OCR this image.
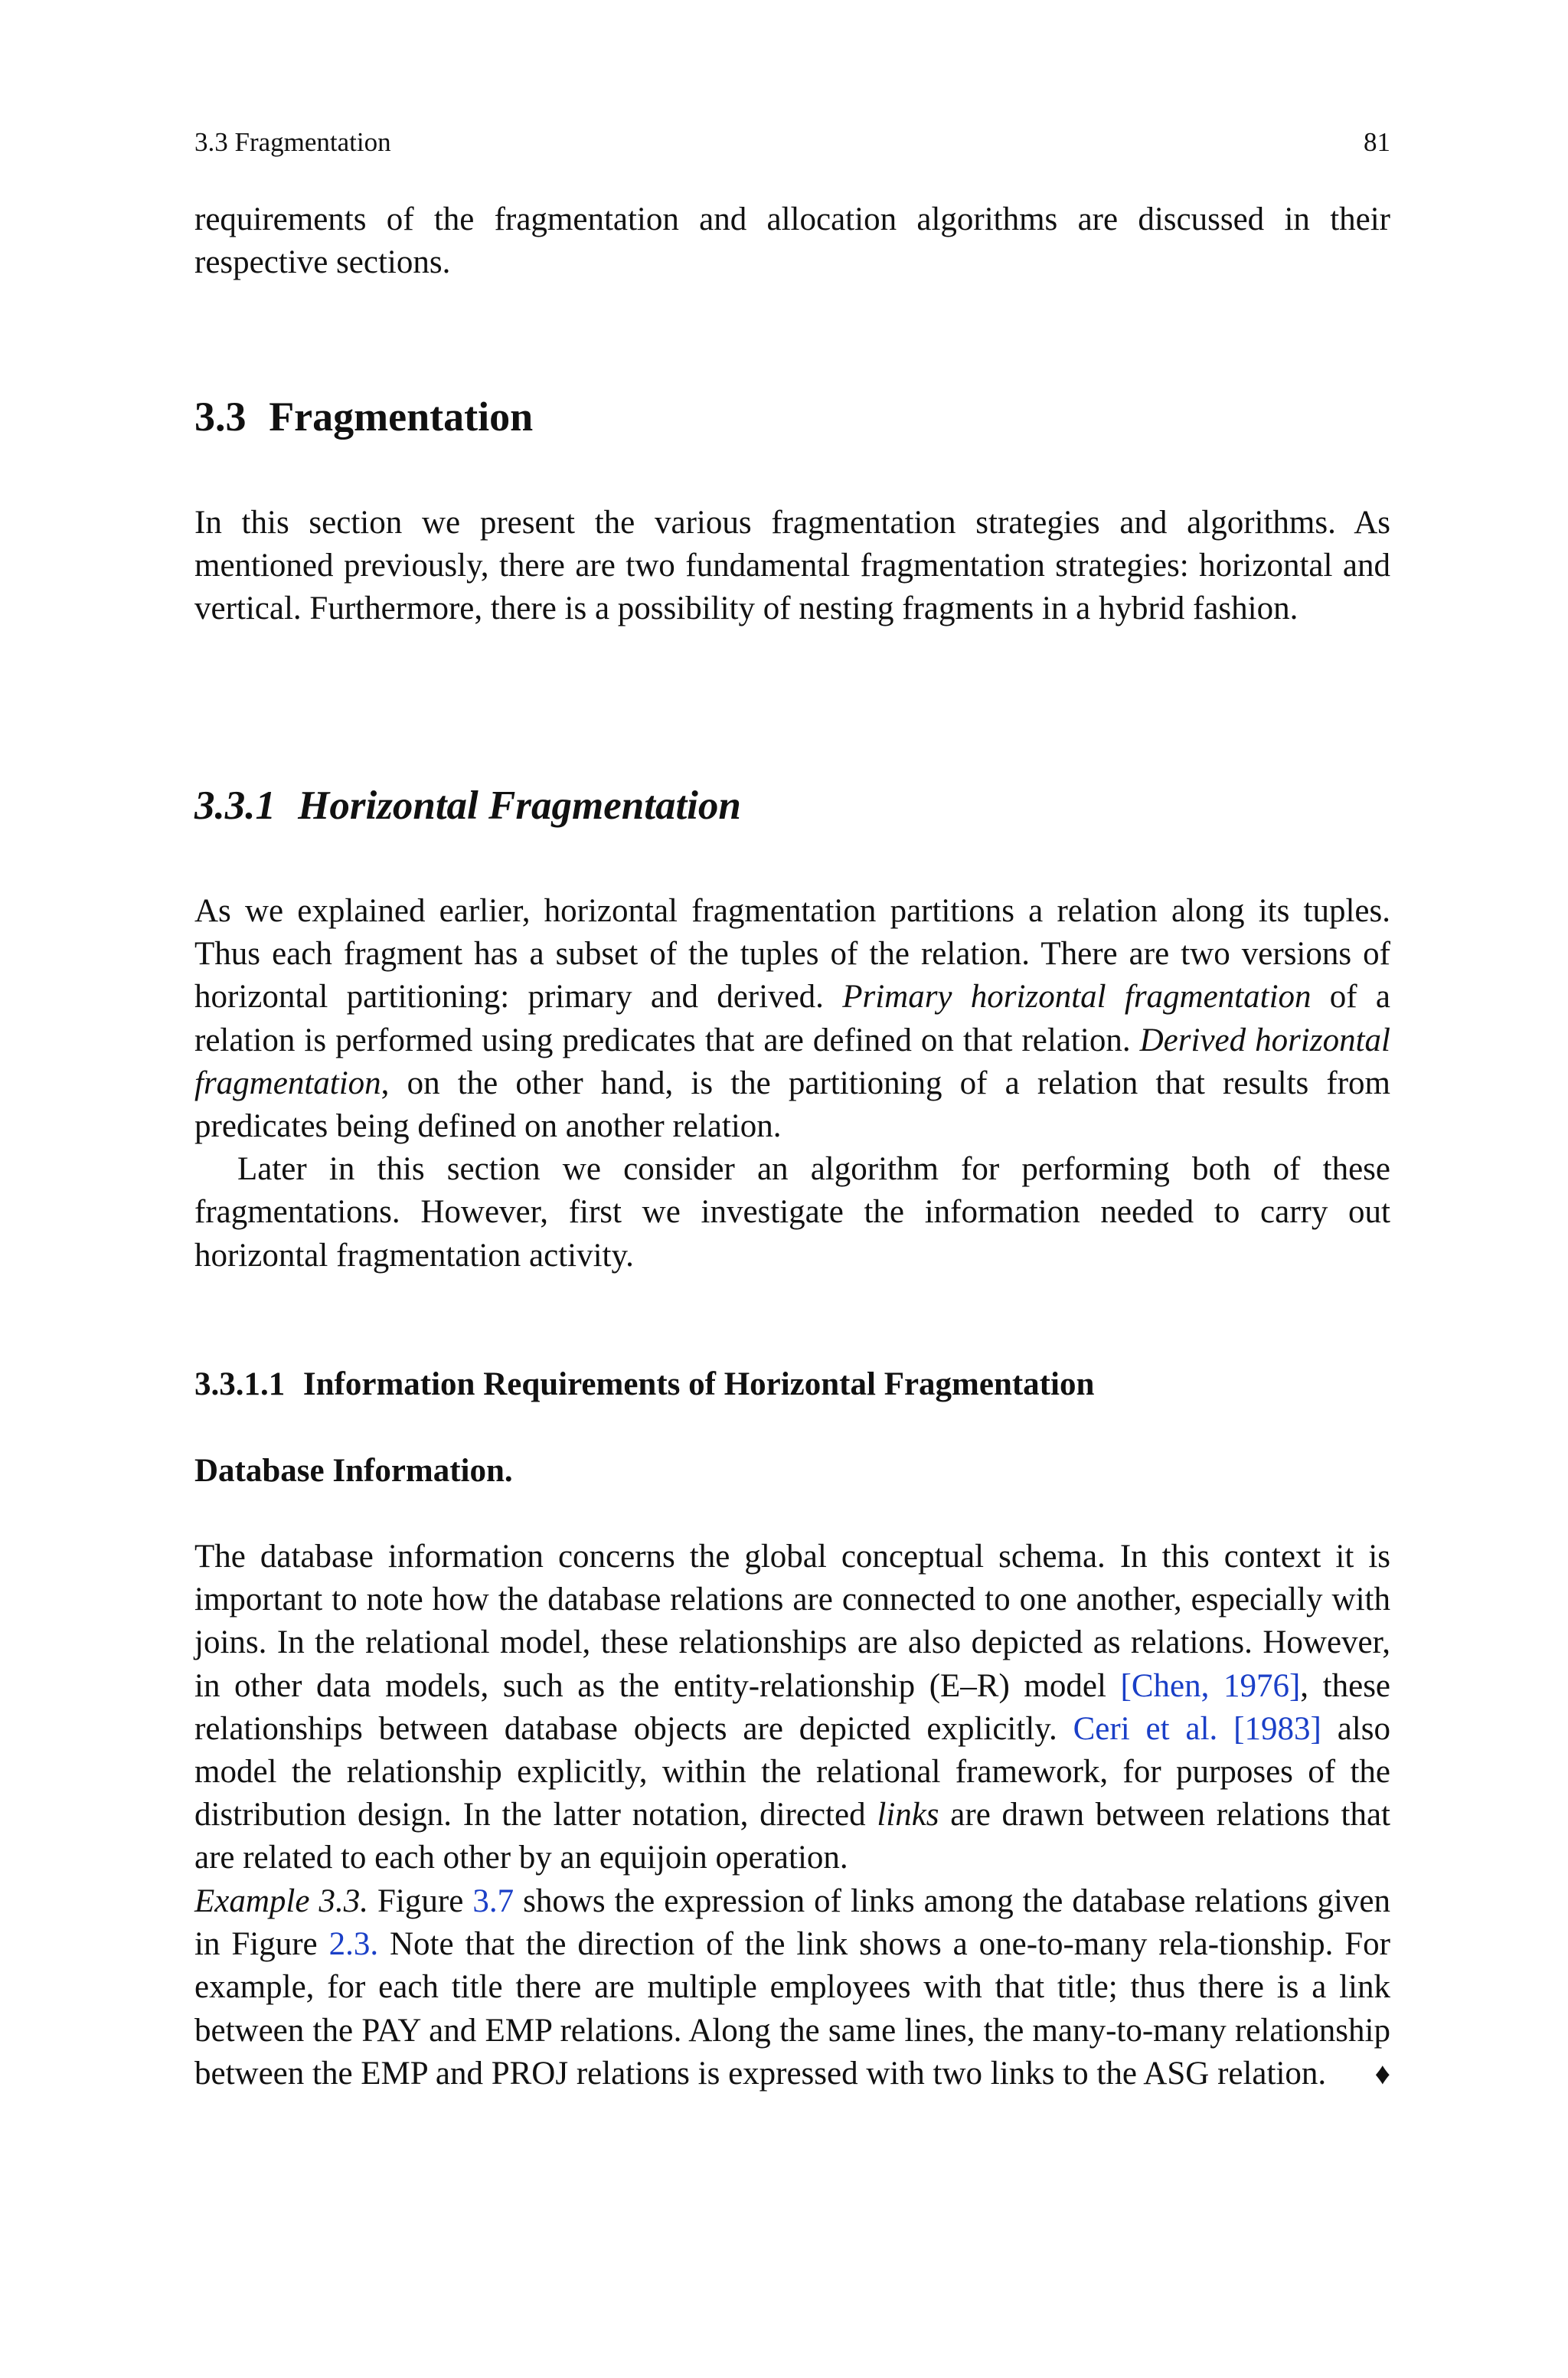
3.3 Fragmentation	81

requirements of the fragmentation and allocation algorithms are discussed in their respective sections.

3.3 Fragmentation

In this section we present the various fragmentation strategies and algorithms. As mentioned previously, there are two fundamental fragmentation strategies: horizontal and vertical. Furthermore, there is a possibility of nesting fragments in a hybrid fashion.

3.3.1 Horizontal Fragmentation

As we explained earlier, horizontal fragmentation partitions a relation along its tuples. Thus each fragment has a subset of the tuples of the relation. There are two versions of horizontal partitioning: primary and derived. Primary horizontal fragmentation of a relation is performed using predicates that are defined on that relation. Derived horizontal fragmentation, on the other hand, is the partitioning of a relation that results from predicates being defined on another relation.

Later in this section we consider an algorithm for performing both of these fragmentations. However, first we investigate the information needed to carry out horizontal fragmentation activity.

3.3.1.1 Information Requirements of Horizontal Fragmentation
Database Information.

The database information concerns the global conceptual schema. In this context it is important to note how the database relations are connected to one another, especially with joins. In the relational model, these relationships are also depicted as relations. However, in other data models, such as the entity-relationship (E–R) model [Chen, 1976], these relationships between database objects are depicted explicitly. Ceri et al. [1983] also model the relationship explicitly, within the relational framework, for purposes of the distribution design. In the latter notation, directed links are drawn between relations that are related to each other by an equijoin operation.

Example 3.3. Figure 3.7 shows the expression of links among the database relations given in Figure 2.3. Note that the direction of the link shows a one-to-many rela-tionship. For example, for each title there are multiple employees with that title; thus there is a link between the PAY and EMP relations. Along the same lines, the many-to-many relationship between the EMP and PROJ relations is expressed with two links to the ASG relation. ♦
